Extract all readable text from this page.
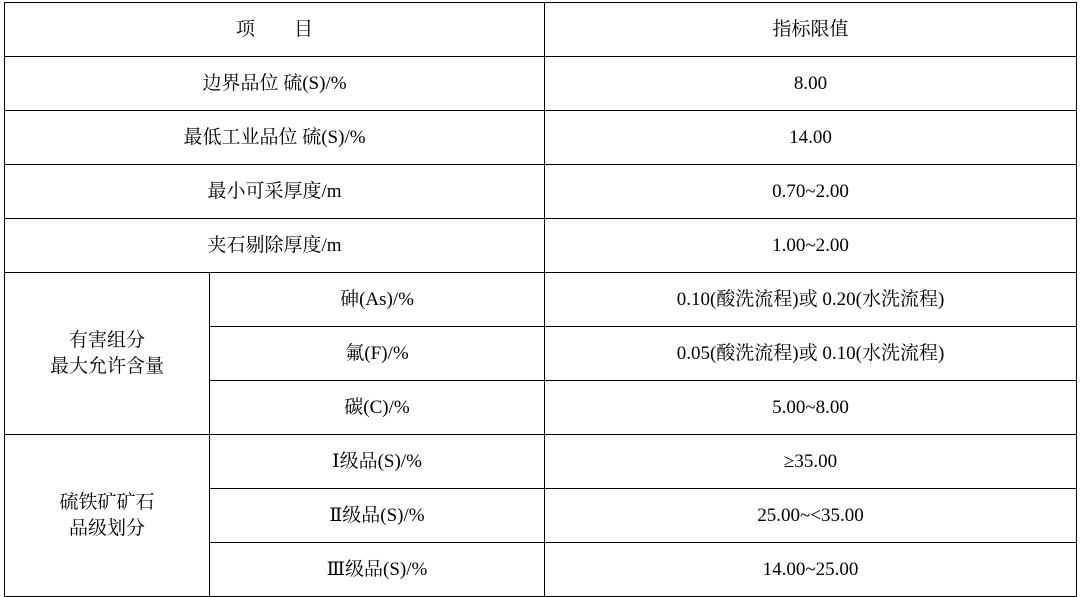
项　目		指标限值
边界品位 硫(S)/%		8.00
最低工业品位 硫(S)/%		14.00
最小可采厚度/m		0.70~2.00
夹石剔除厚度/m		1.00~2.00
有害组分
最大允许含量	砷(As)/%	0.10(酸洗流程)或 0.20(水洗流程)
	氟(F)/%	0.05(酸洗流程)或 0.10(水洗流程)
	碳(C)/%	5.00~8.00
硫铁矿矿石
品级划分	Ⅰ级品(S)/%	≥35.00
	Ⅱ级品(S)/%	25.00~<35.00
	Ⅲ级品(S)/%	14.00~25.00
